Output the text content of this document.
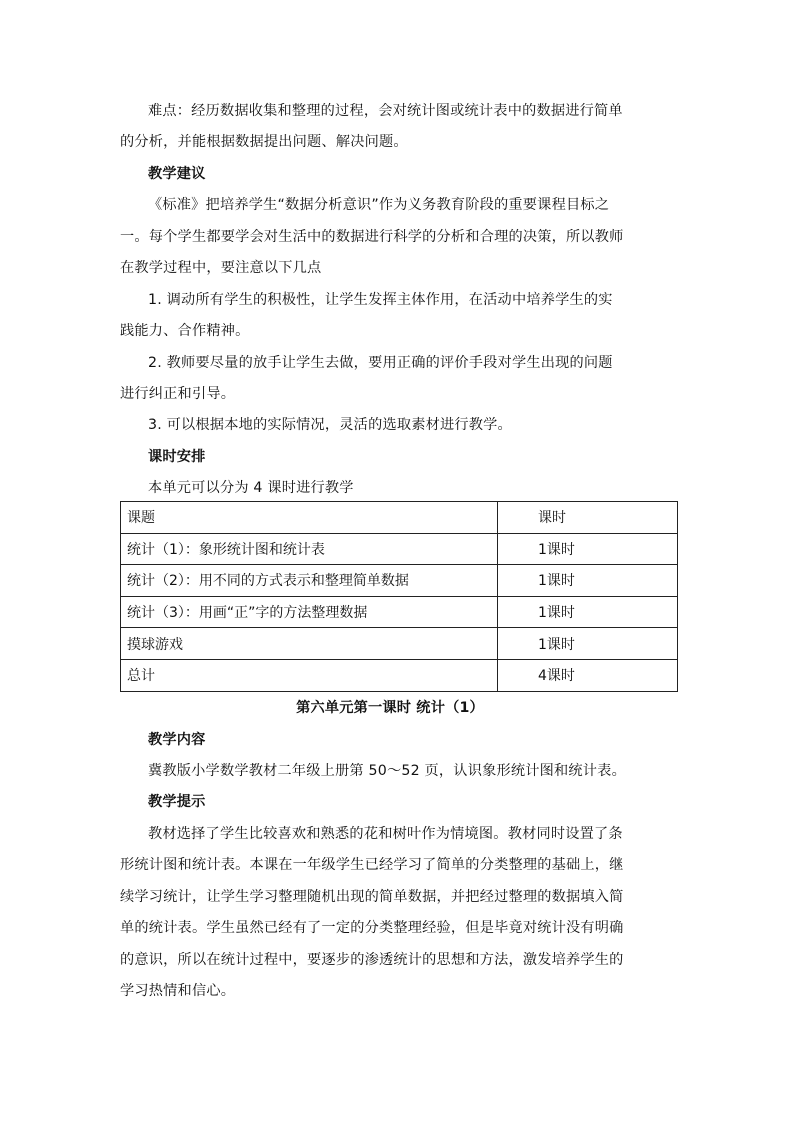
难点：经历数据收集和整理的过程，会对统计图或统计表中的数据进行简单
的分析，并能根据数据提出问题、解决问题。
教学建议
《标准》把培养学生“数据分析意识”作为义务教育阶段的重要课程目标之
一。每个学生都要学会对生活中的数据进行科学的分析和合理的决策，所以教师
在教学过程中，要注意以下几点
1. 调动所有学生的积极性，让学生发挥主体作用，在活动中培养学生的实
践能力、合作精神。
2. 教师要尽量的放手让学生去做，要用正确的评价手段对学生出现的问题
进行纠正和引导。
3. 可以根据本地的实际情况，灵活的选取素材进行教学。
课时安排
本单元可以分为 4 课时进行教学
课题	课时
统计（1）：象形统计图和统计表	1课时
统计（2）：用不同的方式表示和整理简单数据	1课时
统计（3）：用画“正”字的方法整理数据	1课时
摸球游戏	1课时
总计	4课时
第六单元第一课时 统计（1）
教学内容
冀教版小学数学教材二年级上册第 50～52 页，认识象形统计图和统计表。
教学提示
教材选择了学生比较喜欢和熟悉的花和树叶作为情境图。教材同时设置了条
形统计图和统计表。本课在一年级学生已经学习了简单的分类整理的基础上，继
续学习统计，让学生学习整理随机出现的简单数据，并把经过整理的数据填入简
单的统计表。学生虽然已经有了一定的分类整理经验，但是毕竟对统计没有明确
的意识，所以在统计过程中，要逐步的渗透统计的思想和方法，激发培养学生的
学习热情和信心。
